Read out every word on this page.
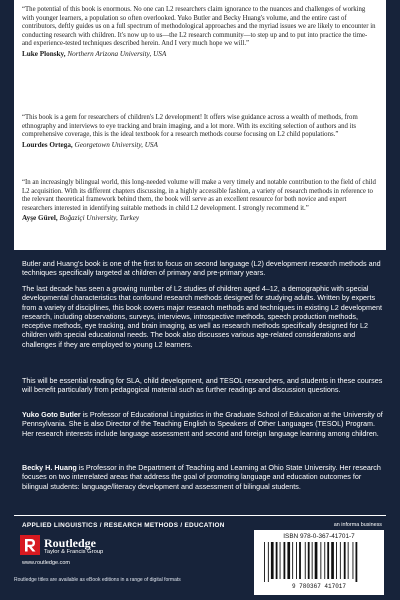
“The potential of this book is enormous. No one can L2 researchers claim ignorance to the nuances and challenges of working with younger learners, a population so often overlooked. Yuko Butler and Becky Huang's volume, and the entire cast of contributors, deftly guides us on a full spectrum of methodological approaches and the myriad issues we are likely to encounter in conducting research with children. It's now up to us—the L2 research community—to step up and to put into practice the time- and experience-tested techniques described herein. And I very much hope we will.”

Luke Plonsky, Northern Arizona University, USA

“This book is a gem for researchers of children's L2 development! It offers wise guidance across a wealth of methods, from ethnography and interviews to eye tracking and brain imaging, and a lot more. With its exciting selection of authors and its comprehensive coverage, this is the ideal textbook for a research methods course focusing on L2 child populations.”

Lourdes Ortega, Georgetown University, USA

“In an increasingly bilingual world, this long-needed volume will make a very timely and notable contribution to the field of child L2 acquisition. With its different chapters discussing, in a highly accessible fashion, a variety of research methods in reference to the relevant theoretical framework behind them, the book will serve as an excellent resource for both novice and expert researchers interested in identifying suitable methods in child L2 development. I strongly recommend it.”

Ayşe Gürel, Boğaziçi University, Turkey

Butler and Huang's book is one of the first to focus on second language (L2) development research methods and techniques specifically targeted at children of primary and pre-primary years.

The last decade has seen a growing number of L2 studies of children aged 4–12, a demographic with special developmental characteristics that confound research methods designed for studying adults. Written by experts from a variety of disciplines, this book covers major research methods and techniques in existing L2 development research, including observations, surveys, interviews, introspective methods, speech production methods, receptive methods, eye tracking, and brain imaging, as well as research methods specifically designed for L2 children with special educational needs. The book also discusses various age-related considerations and challenges if they are employed to young L2 learners.

This will be essential reading for SLA, child development, and TESOL researchers, and students in these courses will benefit particularly from pedagogical material such as further readings and discussion questions.

Yuko Goto Butler is Professor of Educational Linguistics in the Graduate School of Education at the University of Pennsylvania. She is also Director of the Teaching English to Speakers of Other Languages (TESOL) Program. Her research interests include language assessment and second and foreign language learning among children.

Becky H. Huang is Professor in the Department of Teaching and Learning at Ohio State University. Her research focuses on two interrelated areas that address the goal of promoting language and education outcomes for bilingual students: language/literacy development and assessment of bilingual students.

APPLIED LINGUISTICS / RESEARCH METHODS / EDUCATION	an informa business
Routledge
Taylor & Francis Group
www.routledge.com
Routledge titles are available as eBook editions in a range of digital formats
ISBN 978-0-367-41701-7
9 780367 417017
